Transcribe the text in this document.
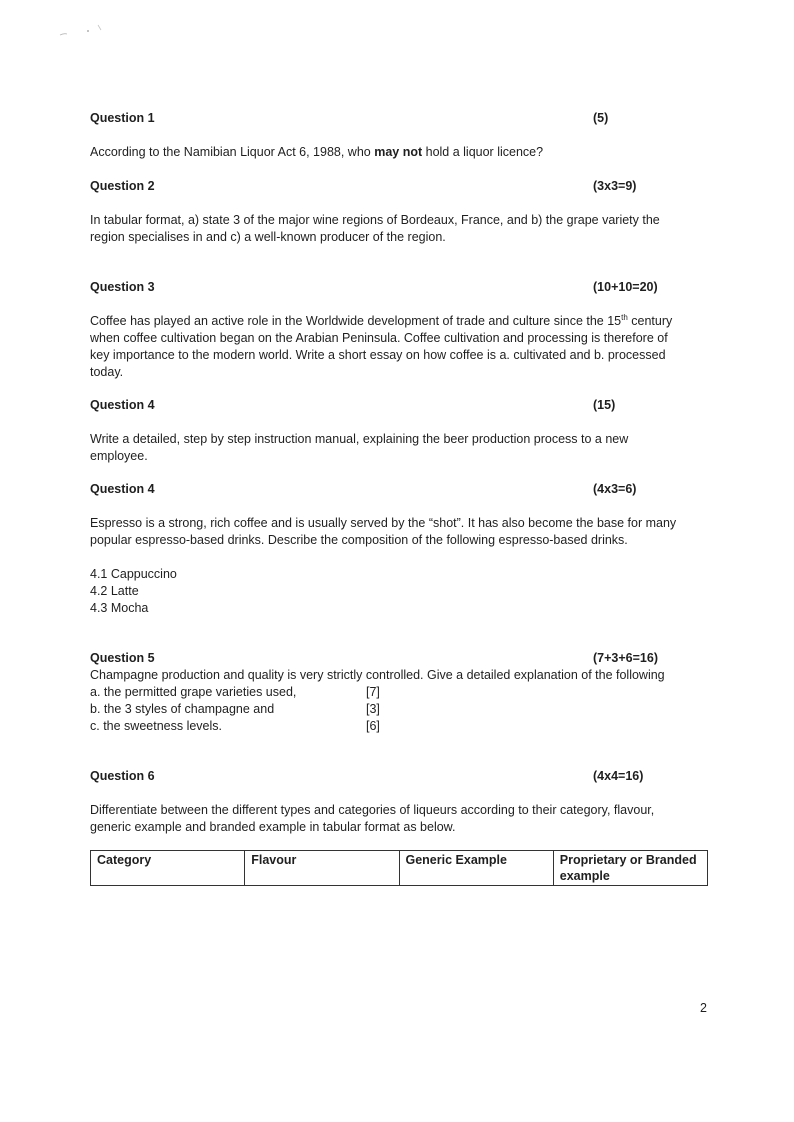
Question 1	(5)

According to the Namibian Liquor Act 6, 1988, who may not hold a liquor licence?

Question 2	(3x3=9)

In tabular format, a) state 3 of the major wine regions of Bordeaux, France, and b) the grape variety the

region specialises in and c) a well-known producer of the region.

Question 3	(10+10=20)

Coffee has played an active role in the Worldwide development of trade and culture since the 15th century

when coffee cultivation began on the Arabian Peninsula. Coffee cultivation and processing is therefore of

key importance to the modern world. Write a short essay on how coffee is a. cultivated and b. processed

today.

Question 4	(15)

Write a detailed, step by step instruction manual, explaining the beer production process to a new

employee.

Question 4	(4x3=6)

Espresso is a strong, rich coffee and is usually served by the “shot”. It has also become the base for many

popular espresso-based drinks. Describe the composition of the following espresso-based drinks.

4.1 Cappuccino

4.2 Latte

4.3 Mocha

Question 5	(7+3+6=16)

Champagne production and quality is very strictly controlled. Give a detailed explanation of the following

a. the permitted grape varieties used,	[7]

b. the 3 styles of champagne and	[3]

c. the sweetness levels.	[6]

Question 6	(4x4=16)

Differentiate between the different types and categories of liqueurs according to their category, flavour,

generic example and branded example in tabular format as below.

Category	Flavour	Generic Example	Proprietary or Branded example
2
